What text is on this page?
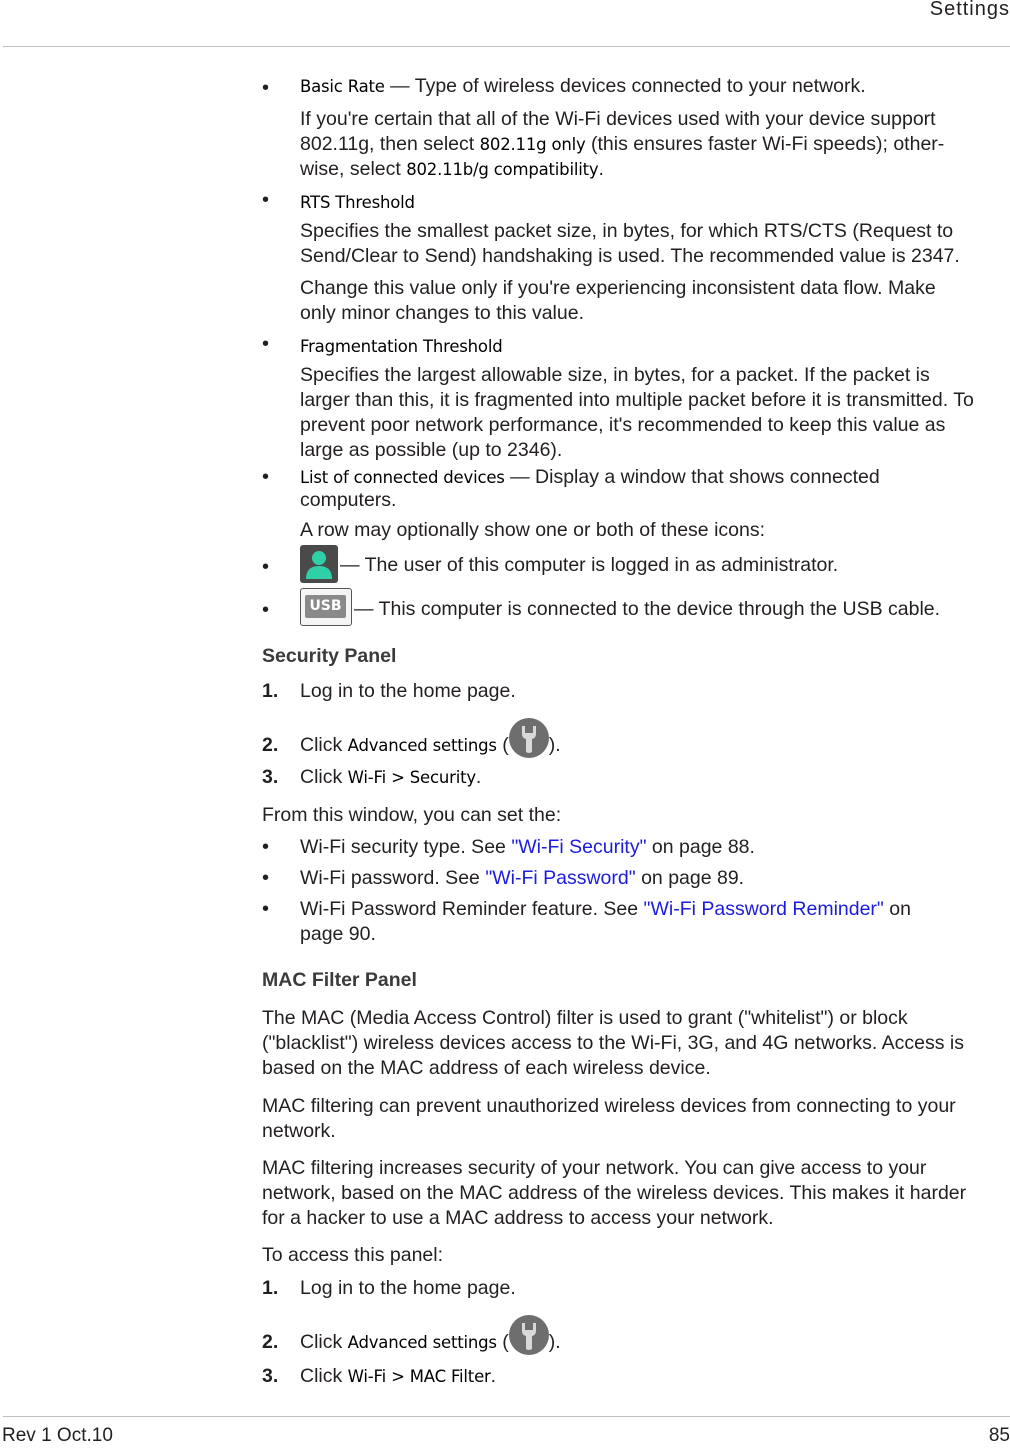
Settings
• Basic Rate — Type of wireless devices connected to your network.
If you're certain that all of the Wi-Fi devices used with your device support
802.11g, then select 802.11g only (this ensures faster Wi-Fi speeds); other-
wise, select 802.11b/g compatibility.
• RTS Threshold
Specifies the smallest packet size, in bytes, for which RTS/CTS (Request to
Send/Clear to Send) handshaking is used. The recommended value is 2347.
Change this value only if you're experiencing inconsistent data flow. Make
only minor changes to this value.
• Fragmentation Threshold
Specifies the largest allowable size, in bytes, for a packet. If the packet is
larger than this, it is fragmented into multiple packet before it is transmitted. To
prevent poor network performance, it's recommended to keep this value as
large as possible (up to 2346).
• List of connected devices — Display a window that shows connected
computers.
A row may optionally show one or both of these icons:
•	— The user of this computer is logged in as administrator.
•	USB — This computer is connected to the device through the USB cable.
Security Panel
1. Log in to the home page.
2. Click Advanced settings ( ).
3. Click Wi-Fi > Security.
From this window, you can set the:
• Wi-Fi security type. See "Wi-Fi Security" on page 88.
• Wi-Fi password. See "Wi-Fi Password" on page 89.
• Wi-Fi Password Reminder feature. See "Wi-Fi Password Reminder" on
page 90.
MAC Filter Panel
The MAC (Media Access Control) filter is used to grant ("whitelist") or block
("blacklist") wireless devices access to the Wi-Fi, 3G, and 4G networks. Access is
based on the MAC address of each wireless device.
MAC filtering can prevent unauthorized wireless devices from connecting to your
network.
MAC filtering increases security of your network. You can give access to your
network, based on the MAC address of the wireless devices. This makes it harder
for a hacker to use a MAC address to access your network.
To access this panel:
1. Log in to the home page.
2. Click Advanced settings ( ).
3. Click Wi-Fi > MAC Filter.
Rev 1 Oct.10	85
